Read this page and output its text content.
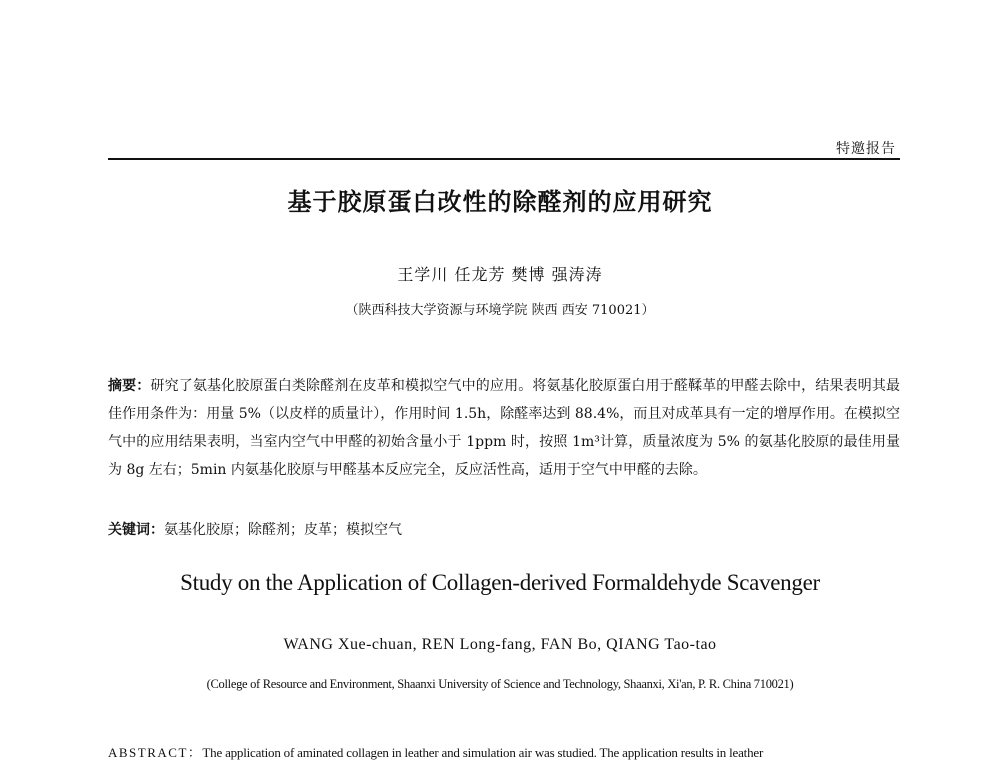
特邀报告
基于胶原蛋白改性的除醛剂的应用研究
王学川 任龙芳 樊博 强涛涛
（陕西科技大学资源与环境学院 陕西 西安 710021）
摘要：研究了氨基化胶原蛋白类除醛剂在皮革和模拟空气中的应用。将氨基化胶原蛋白用于醛鞣革的甲醛去除中，结果表明其最佳作用条件为：用量 5%（以皮样的质量计），作用时间 1.5h，除醛率达到 88.4%，而且对成革具有一定的增厚作用。在模拟空气中的应用结果表明，当室内空气中甲醛的初始含量小于 1ppm 时，按照 1m³计算，质量浓度为 5% 的氨基化胶原的最佳用量为 8g 左右；5min 内氨基化胶原与甲醛基本反应完全，反应活性高，适用于空气中甲醛的去除。
关键词：氨基化胶原；除醛剂；皮革；模拟空气
Study on the Application of Collagen-derived Formaldehyde Scavenger
WANG Xue-chuan, REN Long-fang, FAN Bo, QIANG Tao-tao
(College of Resource and Environment, Shaanxi University of Science and Technology, Shaanxi, Xi'an, P. R. China 710021)
ABSTRACT：The application of aminated collagen in leather and simulation air was studied. The application results in leather
